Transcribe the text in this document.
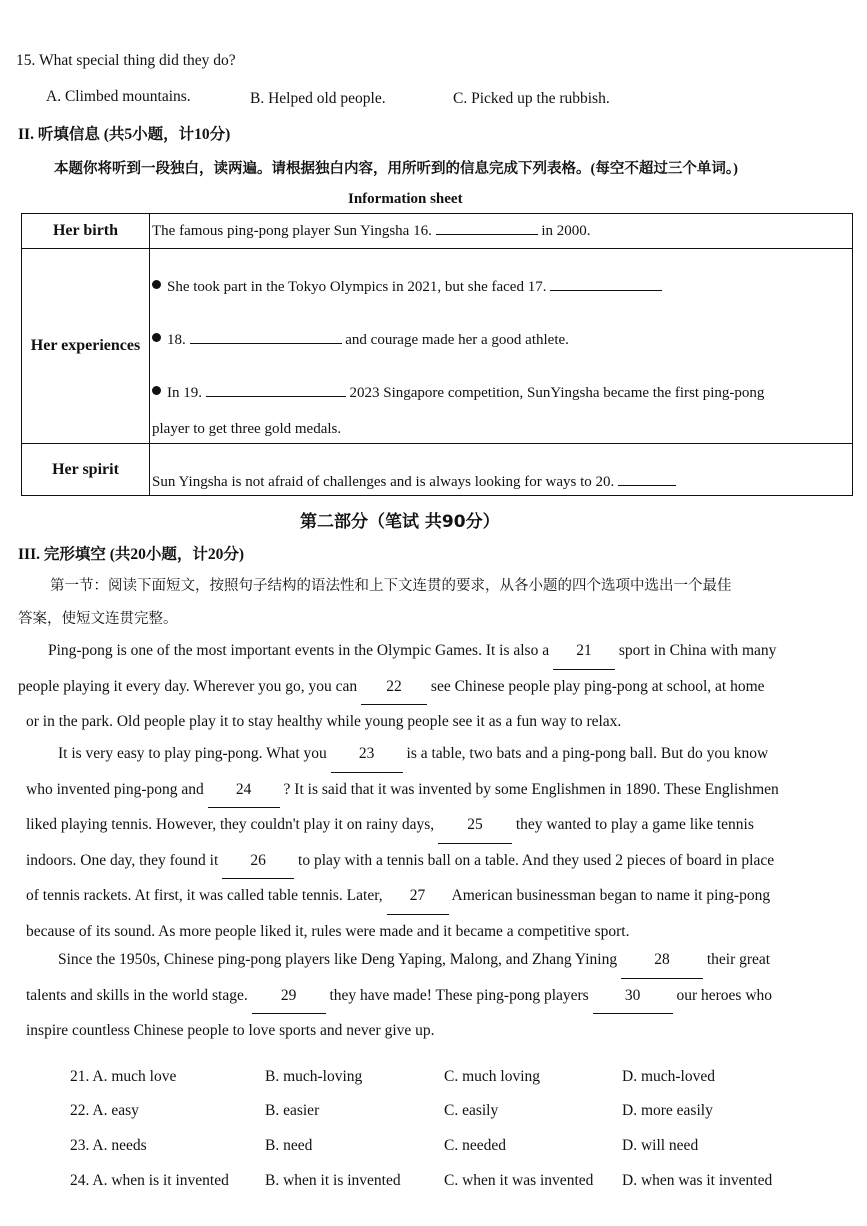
15. What special thing did they do?
A. Climbed mountains.	B. Helped old people.	C. Picked up the rubbish.
II. 听填信息 (共5小题，计10分)
本题你将听到一段独白，读两遍。请根据独白内容，用所听到的信息完成下列表格。(每空不超过三个单词。)
Information sheet
Her birth	The famous ping-pong player Sun Yingsha 16. in 2000.
Her experiences	She took part in the Tokyo Olympics in 2021, but she faced 17.
18. and courage made her a good athlete.
In 19. 2023 Singapore competition, SunYingsha became the first ping-pong
player to get three gold medals.

Her spirit	Sun Yingsha is not afraid of challenges and is always looking for ways to 20.
第二部分（笔试 共90分）
III. 完形填空 (共20小题，计20分)
第一节：阅读下面短文，按照句子结构的语法性和上下文连贯的要求，从各小题的四个选项中选出一个最佳
答案，使短文连贯完整。
Ping-pong is one of the most important events in the Olympic Games. It is also a 21 sport in China with many
people playing it every day. Wherever you go, you can 22 see Chinese people play ping-pong at school, at home
or in the park. Old people play it to stay healthy while young people see it as a fun way to relax.
It is very easy to play ping-pong. What you 23 is a table, two bats and a ping-pong ball. But do you know
who invented ping-pong and 24 ? It is said that it was invented by some Englishmen in 1890. These Englishmen
liked playing tennis. However, they couldn't play it on rainy days, 25 they wanted to play a game like tennis
indoors. One day, they found it 26 to play with a tennis ball on a table. And they used 2 pieces of board in place
of tennis rackets. At first, it was called table tennis. Later, 27 American businessman began to name it ping-pong
because of its sound. As more people liked it, rules were made and it became a competitive sport.
Since the 1950s, Chinese ping-pong players like Deng Yaping, Malong, and Zhang Yining 28 their great
talents and skills in the world stage. 29 they have made! These ping-pong players 30 our heroes who
inspire countless Chinese people to love sports and never give up.
21. A. much love	B. much-loving	C. much loving	D. much-loved
22. A. easy	B. easier	C. easily	D. more easily
23. A. needs	B. need	C. needed	D. will need
24. A. when is it invented B. when it is invented	C. when it was invented D. when was it invented
